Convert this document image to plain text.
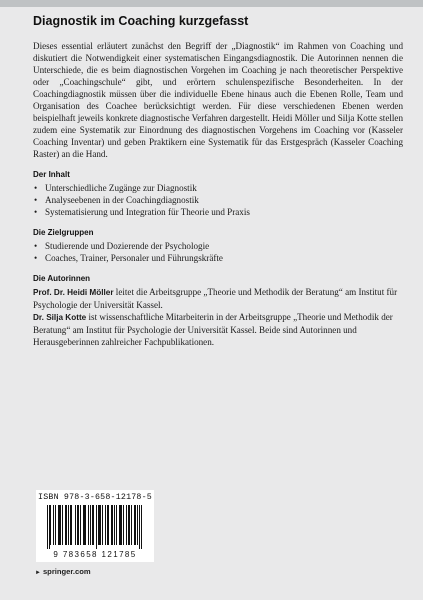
Diagnostik im Coaching kurzgefasst

Dieses essential erläutert zunächst den Begriff der „Diagnostik“ im Rahmen von Coaching und diskutiert die Notwendigkeit einer systematischen Eingangsdiagnostik. Die Autorinnen nennen die Unterschiede, die es beim diagnostischen Vorgehen im Coaching je nach theoretischer Perspektive oder „Coachingschule“ gibt, und erörtern schulenspezifische Besonderheiten. In der Coachingdiagnostik müssen über die individuelle Ebene hinaus auch die Ebenen Rolle, Team und Organisation des Coachee berücksichtigt werden. Für diese verschiedenen Ebenen werden beispielhaft jeweils konkrete diagnostische Verfahren dargestellt. Heidi Möller und Silja Kotte stellen zudem eine Systematik zur Einordnung des diagnostischen Vorgehens im Coaching vor (Kasseler Coaching Inventar) und geben Praktikern eine Systematik für das Erstgespräch (Kasseler Coaching Raster) an die Hand.

Der Inhalt
• Unterschiedliche Zugänge zur Diagnostik
• Analyseebenen in der Coachingdiagnostik
• Systematisierung und Integration für Theorie und Praxis
Die Zielgruppen
• Studierende und Dozierende der Psychologie
• Coaches, Trainer, Personaler und Führungskräfte
Die Autorinnen

Prof. Dr. Heidi Möller leitet die Arbeitsgruppe „Theorie und Methodik der Beratung“ am Institut für Psychologie der Universität Kassel.

Dr. Silja Kotte ist wissenschaftliche Mitarbeiterin in der Arbeitsgruppe „Theorie und Methodik der Beratung“ am Institut für Psychologie der Universität Kassel. Beide sind Autorinnen und Herausgeberinnen zahlreicher Fachpublikationen.

ISBN 978-3-658-12178-5
9 783658 121785
► springer.com
